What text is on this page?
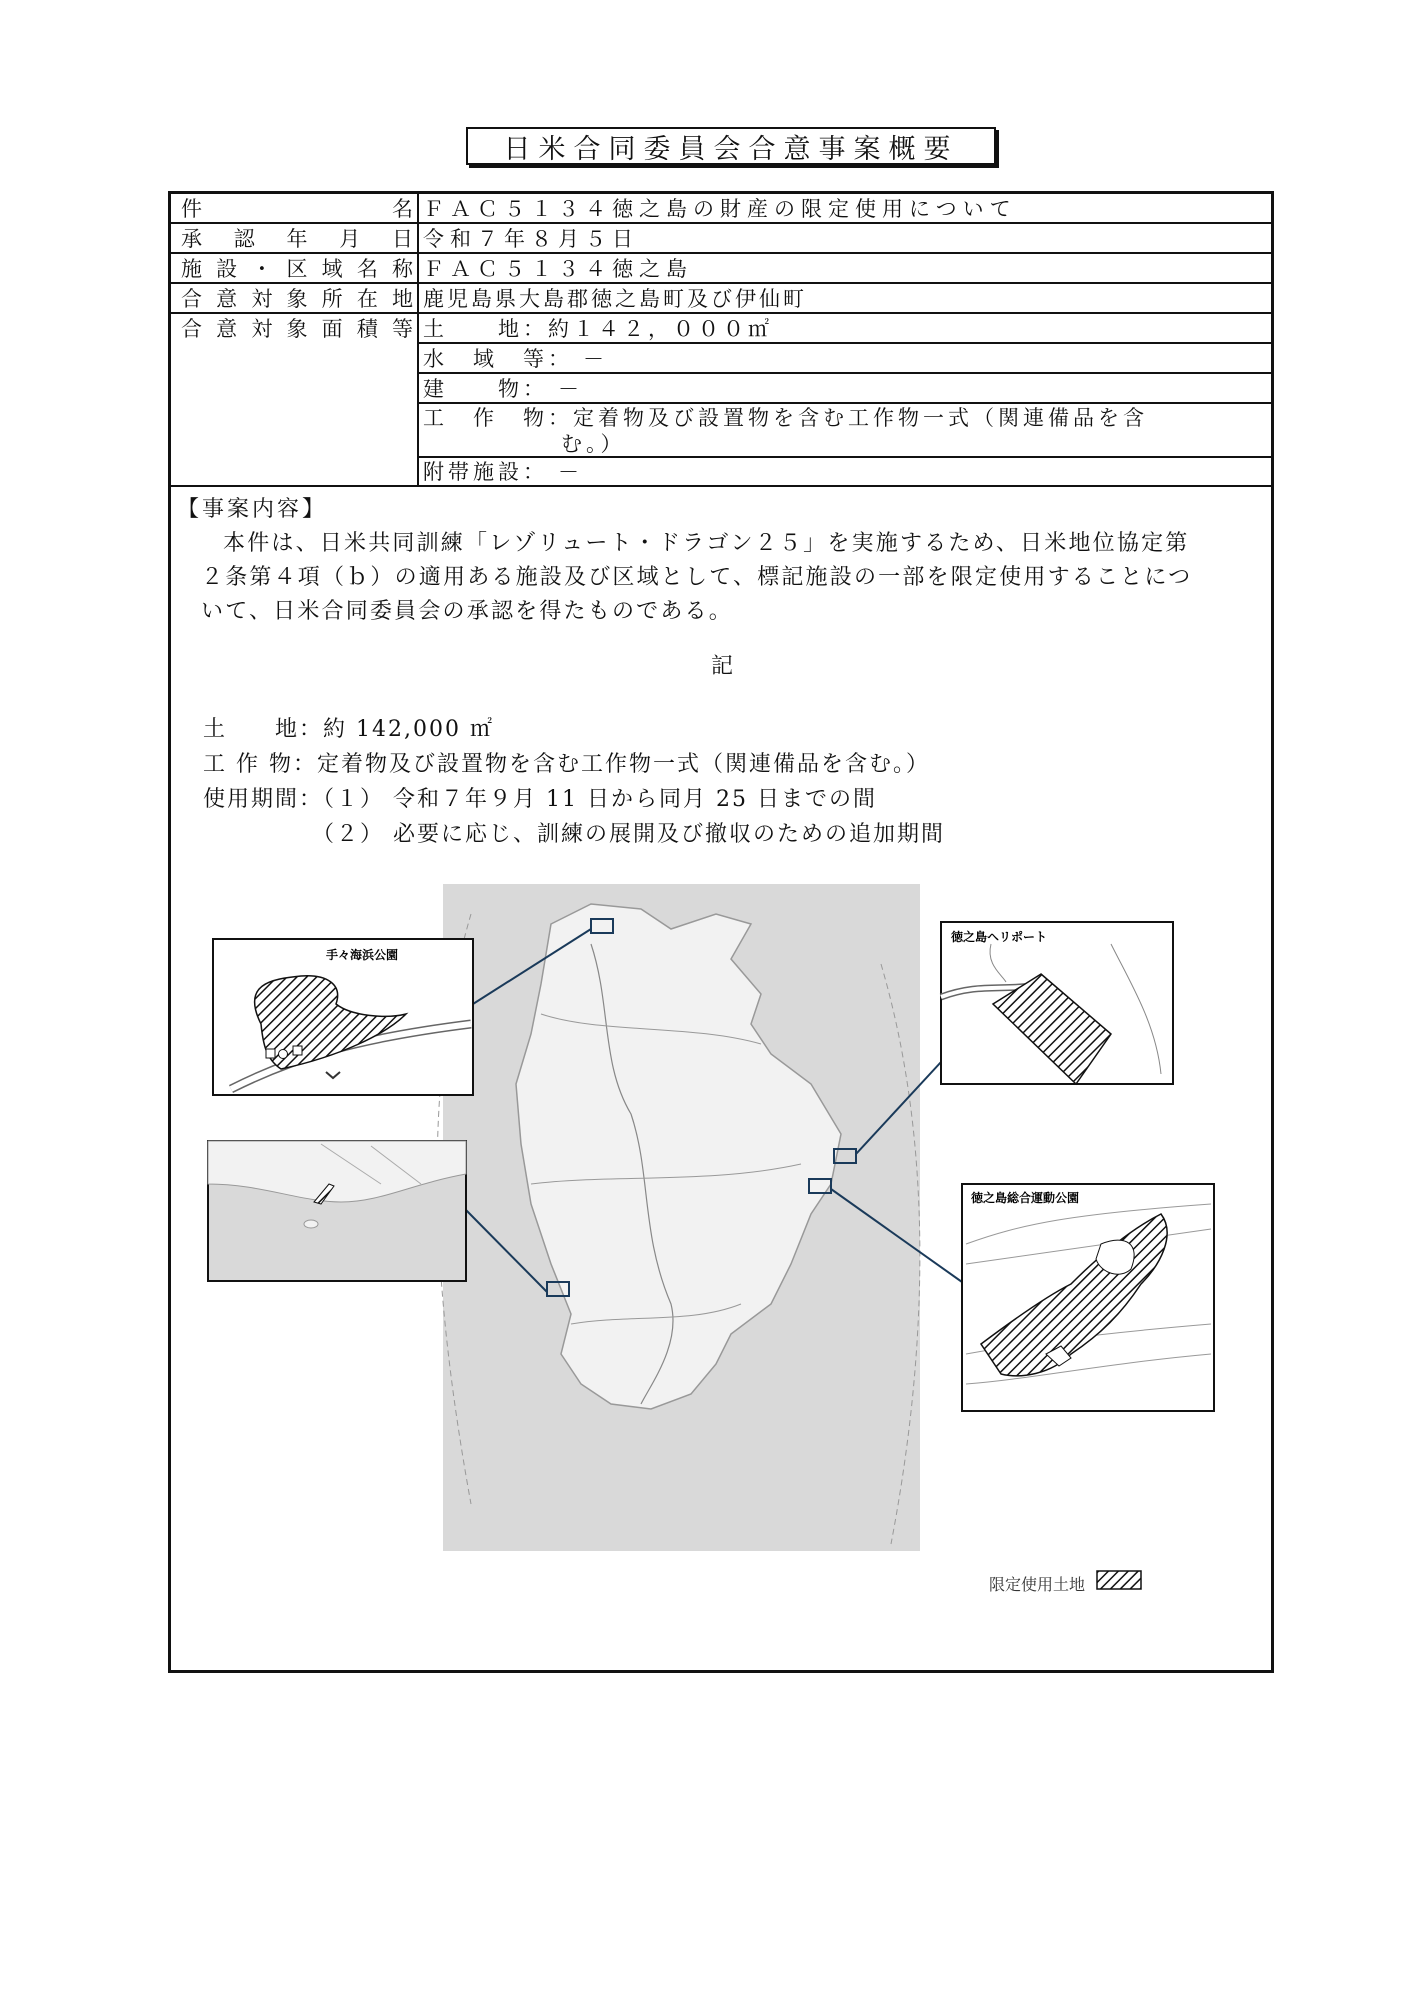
日米合同委員会合意事案概要
件名 ＦＡＣ５１３４徳之島の財産の限定使用について
承認年月日 令和７年８月５日
施設・区域名称 ＦＡＣ５１３４徳之島
合意対象所在地 鹿児島県大島郡徳之島町及び伊仙町
合意対象面積等 土　　地： 約１４２，０００㎡
水　域　等： －
建　　物： －
工　作　物： 定着物及び設置物を含む工作物一式（関連備品を含
む。）
附帯施設： －
【事案内容】
本件は、日米共同訓練「レゾリュート・ドラゴン２５」を実施するため、日米地位協定第２条第４項（ｂ）の適用ある施設及び区域として、標記施設の一部を限定使用することについて、日米合同委員会の承認を得たものである。
記
土　　地：約 142,000 ㎡
工 作 物：定着物及び設置物を含む工作物一式（関連備品を含む。）
使用期間：（１） 令和７年９月 11 日から同月 25 日までの間
　　　　　（２） 必要に応じ、訓練の展開及び撤収のための追加期間
手々海浜公園
徳之島ヘリポート
徳之島総合運動公園
限定使用土地
